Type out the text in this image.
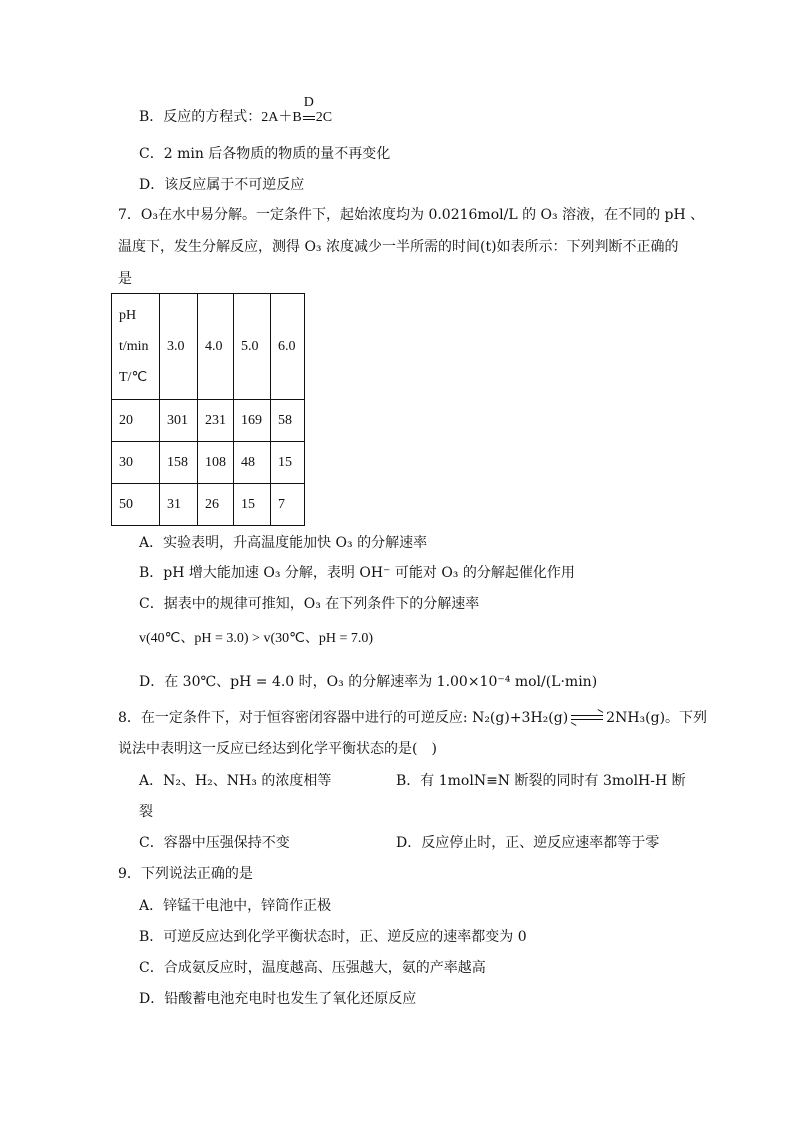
B．反应的方程式：2A＋B
D
2C
C．2 min 后各物质的物质的量不再变化
D．该反应属于不可逆反应
7．O₃在水中易分解。一定条件下，起始浓度均为 0.0216mol/L 的 O₃ 溶液，在不同的 pH 、
温度下，发生分解反应，测得 O₃ 浓度减少一半所需的时间(t)如表所示：下列判断不正确的
是
pH
t/min
T/℃	3.0	4.0	5.0	6.0
20	301	231	169	58
30	158	108	48	15
50	31	26	15	7
A．实验表明，升高温度能加快 O₃ 的分解速率
B．pH 增大能加速 O₃ 分解，表明 OH⁻ 可能对 O₃ 的分解起催化作用
C．据表中的规律可推知，O₃ 在下列条件下的分解速率
v(40℃、pH = 3.0) > v(30℃、pH = 7.0)
D．在 30℃、pH = 4.0 时，O₃ 的分解速率为 1.00×10⁻⁴ mol/(L·min)
8．在一定条件下，对于恒容密闭容器中进行的可逆反应: N₂(g)+3H₂(g) ⇌ 2NH₃(g)。下列
说法中表明这一反应已经达到化学平衡状态的是(　)
A．N₂、H₂、NH₃ 的浓度相等	B．有 1molN≡N 断裂的同时有 3molH-H 断
裂
C．容器中压强保持不变	D．反应停止时，正、逆反应速率都等于零
9．下列说法正确的是
A．锌锰干电池中，锌筒作正极
B．可逆反应达到化学平衡状态时，正、逆反应的速率都变为 0
C．合成氨反应时，温度越高、压强越大，氨的产率越高
D．铅酸蓄电池充电时也发生了氧化还原反应
